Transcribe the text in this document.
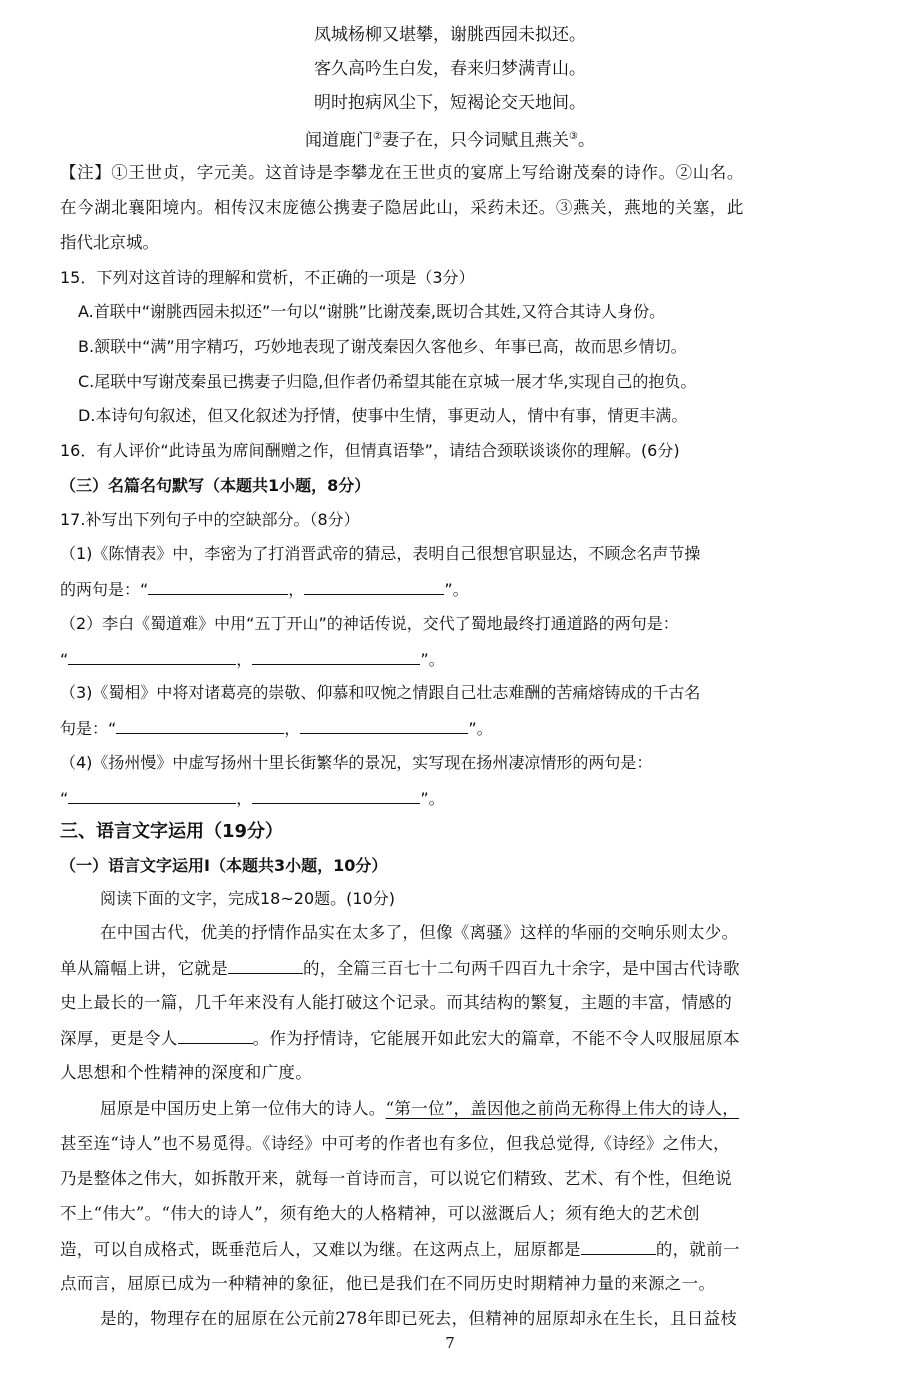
凤城杨柳又堪攀，谢朓西园未拟还。
客久高吟生白发，春来归梦满青山。
明时抱病风尘下，短褐论交天地间。
闻道鹿门②妻子在，只今词赋且燕关③。
【注】①王世贞，字元美。这首诗是李攀龙在王世贞的宴席上写给谢茂秦的诗作。②山名。
在今湖北襄阳境内。相传汉末庞德公携妻子隐居此山，采药未还。③燕关，燕地的关塞，此
指代北京城。
15．下列对这首诗的理解和赏析，不正确的一项是（3分）
A.首联中“谢朓西园未拟还”一句以“谢朓”比谢茂秦,既切合其姓,又符合其诗人身份。
B.颔联中“满”用字精巧，巧妙地表现了谢茂秦因久客他乡、年事已高，故而思乡情切。
C.尾联中写谢茂秦虽已携妻子归隐,但作者仍希望其能在京城一展才华,实现自己的抱负。
D.本诗句句叙述，但又化叙述为抒情，使事中生情，事更动人，情中有事，情更丰满。
16．有人评价“此诗虽为席间酬赠之作，但情真语挚”，请结合颈联谈谈你的理解。(6分)
（三）名篇名句默写（本题共1小题，8分）
17.补写出下列句子中的空缺部分。（8分）
（1)《陈情表》中，李密为了打消晋武帝的猜忌，表明自己很想官职显达，不顾念名声节操
的两句是：“	，	”。
（2）李白《蜀道难》中用“五丁开山”的神话传说，交代了蜀地最终打通道路的两句是：
“	，	”。
（3)《蜀相》中将对诸葛亮的崇敬、仰慕和叹惋之情跟自己壮志难酬的苦痛熔铸成的千古名
句是：“	，	”。
（4)《扬州慢》中虚写扬州十里长街繁华的景况，实写现在扬州凄凉情形的两句是：
“	，	”。
三、语言文字运用（19分）
（一）语言文字运用Ⅰ（本题共3小题，10分）
阅读下面的文字，完成18~20题。(10分)
在中国古代，优美的抒情作品实在太多了，但像《离骚》这样的华丽的交响乐则太少。
单从篇幅上讲，它就是	的，全篇三百七十二句两千四百九十余字，是中国古代诗歌
史上最长的一篇，几千年来没有人能打破这个记录。而其结构的繁复，主题的丰富，情感的
深厚，更是令人	。作为抒情诗，它能展开如此宏大的篇章，不能不令人叹服屈原本
人思想和个性精神的深度和广度。
屈原是中国历史上第一位伟大的诗人。“第一位”，盖因他之前尚无称得上伟大的诗人，
甚至连“诗人”也不易觅得。《诗经》中可考的作者也有多位，但我总觉得,《诗经》之伟大，
乃是整体之伟大，如拆散开来，就每一首诗而言，可以说它们精致、艺术、有个性，但绝说
不上“伟大”。“伟大的诗人”，须有绝大的人格精神，可以滋溉后人；须有绝大的艺术创
造，可以自成格式，既垂范后人，又难以为继。在这两点上，屈原都是	的，就前一
点而言，屈原已成为一种精神的象征，他已是我们在不同历史时期精神力量的来源之一。
是的，物理存在的屈原在公元前278年即已死去，但精神的屈原却永在生长，且日益枝
7
